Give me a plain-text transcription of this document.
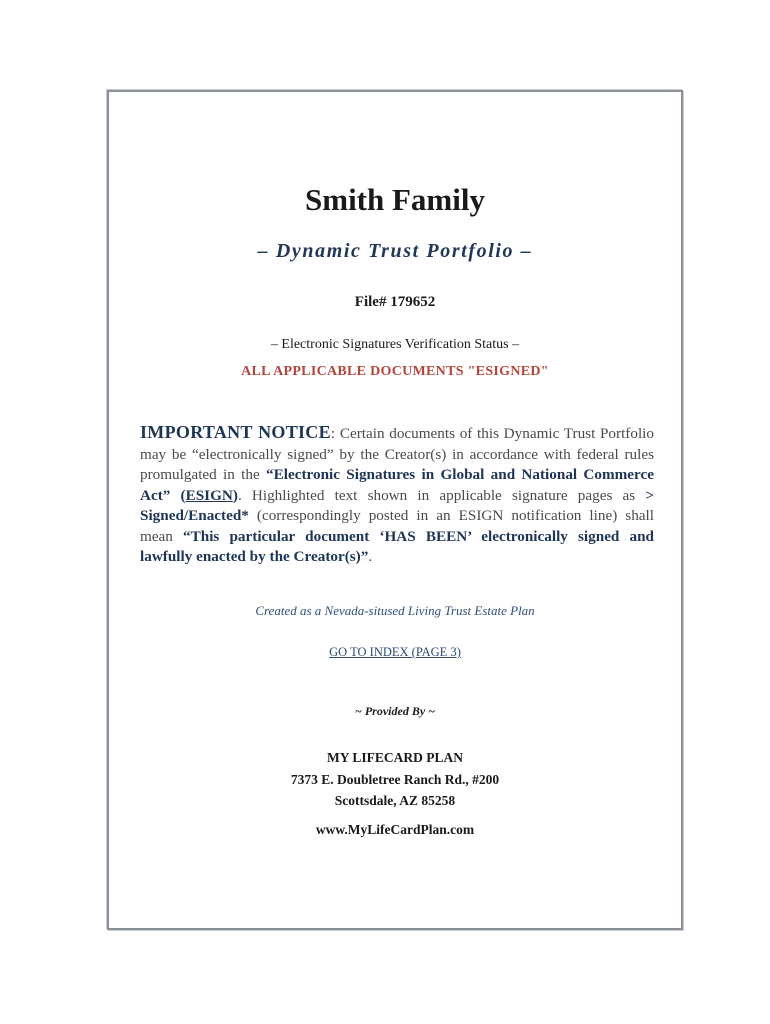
Smith Family
– Dynamic Trust Portfolio –
File# 179652
– Electronic Signatures Verification Status –
ALL APPLICABLE DOCUMENTS "ESIGNED"
IMPORTANT NOTICE: Certain documents of this Dynamic Trust Portfolio may be “electronically signed” by the Creator(s) in accordance with federal rules promulgated in the “Electronic Signatures in Global and National Commerce Act” (ESIGN). Highlighted text shown in applicable signature pages as > Signed/Enacted* (correspondingly posted in an ESIGN notification line) shall mean “This particular document ‘HAS BEEN’ electronically signed and lawfully enacted by the Creator(s)”.
Created as a Nevada-sitused Living Trust Estate Plan
GO TO INDEX (PAGE 3)
~ Provided By ~
MY LIFECARD PLAN
7373 E. Doubletree Ranch Rd., #200
Scottsdale, AZ 85258
www.MyLifeCardPlan.com
